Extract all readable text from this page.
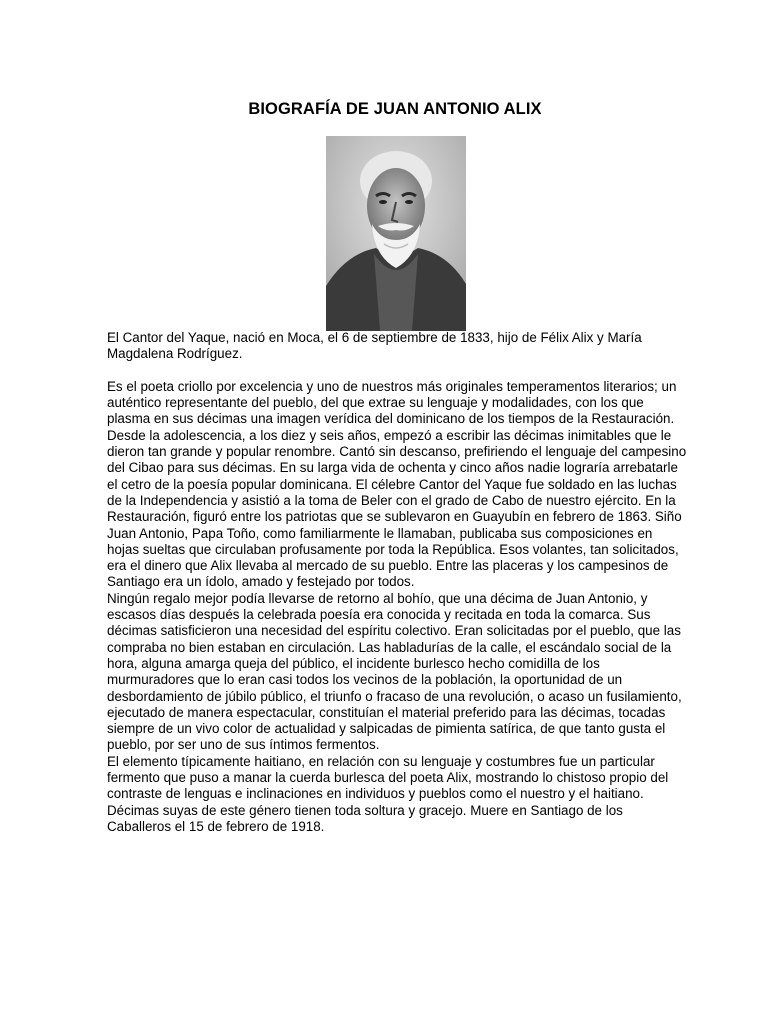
BIOGRAFÍA DE JUAN ANTONIO ALIX

El Cantor del Yaque, nació en Moca, el 6 de septiembre de 1833, hijo de Félix Alix y María Magdalena Rodríguez.

Es el poeta criollo por excelencia y uno de nuestros más originales temperamentos literarios; un auténtico representante del pueblo, del que extrae su lenguaje y modalidades, con los que plasma en sus décimas una imagen verídica del dominicano de los tiempos de la Restauración.

Desde la adolescencia, a los diez y seis años, empezó a escribir las décimas inimitables que le dieron tan grande y popular renombre. Cantó sin descanso, prefiriendo el lenguaje del campesino del Cibao para sus décimas. En su larga vida de ochenta y cinco años nadie lograría arrebatarle el cetro de la poesía popular dominicana. El célebre Cantor del Yaque fue soldado en las luchas de la Independencia y asistió a la toma de Beler con el grado de Cabo de nuestro ejército. En la Restauración, figuró entre los patriotas que se sublevaron en Guayubín en febrero de 1863. Siño Juan Antonio, Papa Toño, como familiarmente le llamaban, publicaba sus composiciones en hojas sueltas que circulaban profusamente por toda la República. Esos volantes, tan solicitados, era el dinero que Alix llevaba al mercado de su pueblo. Entre las placeras y los campesinos de Santiago era un ídolo, amado y festejado por todos.

Ningún regalo mejor podía llevarse de retorno al bohío, que una décima de Juan Antonio, y escasos días después la celebrada poesía era conocida y recitada en toda la comarca. Sus décimas satisficieron una necesidad del espíritu colectivo. Eran solicitadas por el pueblo, que las compraba no bien estaban en circulación. Las habladurías de la calle, el escándalo social de la hora, alguna amarga queja del público, el incidente burlesco hecho comidilla de los murmuradores que lo eran casi todos los vecinos de la población, la oportunidad de un desbordamiento de júbilo público, el triunfo o fracaso de una revolución, o acaso un fusilamiento, ejecutado de manera espectacular, constituían el material preferido para las décimas, tocadas siempre de un vivo color de actualidad y salpicadas de pimienta satírica, de que tanto gusta el pueblo, por ser uno de sus íntimos fermentos.

El elemento típicamente haitiano, en relación con su lenguaje y costumbres fue un particular fermento que puso a manar la cuerda burlesca del poeta Alix, mostrando lo chistoso propio del contraste de lenguas e inclinaciones en individuos y pueblos como el nuestro y el haitiano. Décimas suyas de este género tienen toda soltura y gracejo. Muere en Santiago de los Caballeros el 15 de febrero de 1918.
